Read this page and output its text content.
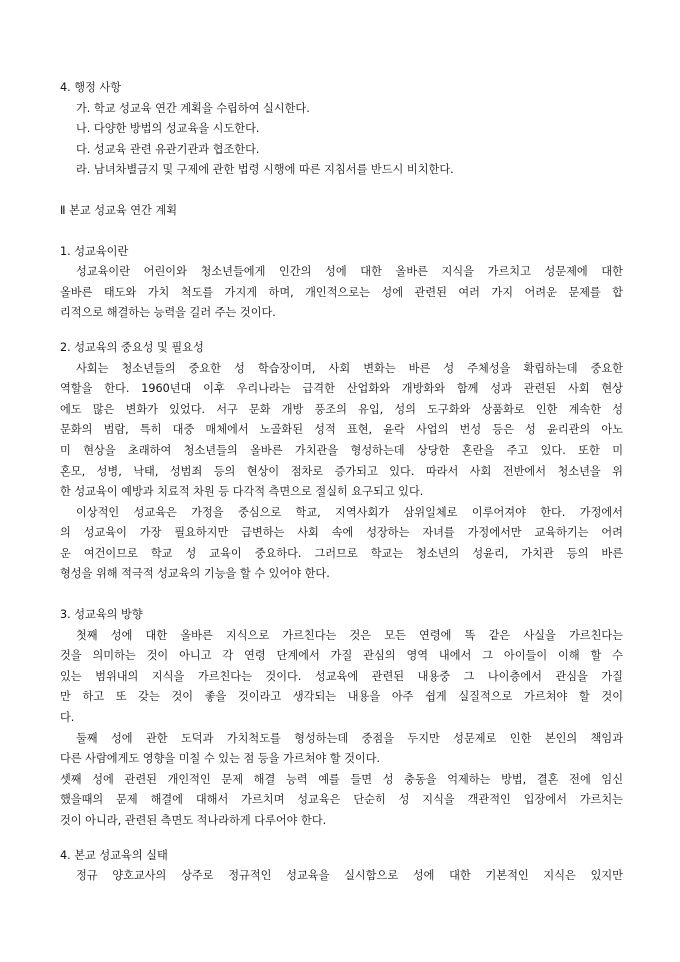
4. 행정 사항
가. 학교 성교육 연간 계획을 수립하여 실시한다.
나. 다양한 방법의 성교육을 시도한다.
다. 성교육 관련 유관기관과 협조한다.
라. 남녀차별금지 및 구제에 관한 법령 시행에 따른 지침서를 반드시 비치한다.
Ⅱ 본교 성교육 연간 계획
1. 성교육이란
성교육이란 어린이와 청소년들에게 인간의 성에 대한 올바른 지식을 가르치고 성문제에 대한
올바른 태도와 가치 척도를 가지게 하며, 개인적으로는 성에 관련된 여러 가지 어려운 문제를 합
리적으로 해결하는 능력을 길러 주는 것이다.
2. 성교육의 중요성 및 필요성
사회는 청소년들의 중요한 성 학습장이며, 사회 변화는 바른 성 주체성을 확립하는데 중요한
역할을 한다. 1960년대 이후 우리나라는 급격한 산업화와 개방화와 함께 성과 관련된 사회 현상
에도 많은 변화가 있었다. 서구 문화 개방 풍조의 유입, 성의 도구화와 상품화로 인한 계속한 성
문화의 범람, 특히 대중 매체에서 노골화된 성적 표현, 윤락 사업의 번성 등은 성 윤리관의 아노
미 현상을 초래하여 청소년들의 올바른 가치관을 형성하는데 상당한 혼란을 주고 있다. 또한 미
혼모, 성병, 낙태, 성범죄 등의 현상이 점차로 증가되고 있다. 따라서 사회 전반에서 청소년을 위
한 성교육이 예방과 치료적 차원 등 다각적 측면으로 절실히 요구되고 있다.
이상적인 성교육은 가정을 중심으로 학교, 지역사회가 삼위일체로 이루어져야 한다. 가정에서
의 성교육이 가장 필요하지만 급변하는 사회 속에 성장하는 자녀를 가정에서만 교육하기는 어려
운 여건이므로 학교 성 교육이 중요하다. 그러므로 학교는 청소년의 성윤리, 가치관 등의 바른
형성을 위해 적극적 성교육의 기능을 할 수 있어야 한다.
3. 성교육의 방향
첫째 성에 대한 올바른 지식으로 가르친다는 것은 모든 연령에 똑 같은 사실을 가르친다는
것을 의미하는 것이 아니고 각 연령 단계에서 가질 관심의 영역 내에서 그 아이들이 이해 할 수
있는 범위내의 지식을 가르친다는 것이다. 성교육에 관련된 내용중 그 나이층에서 관심을 가질
만 하고 또 갖는 것이 좋을 것이라고 생각되는 내용을 아주 쉽게 실질적으로 가르쳐야 할 것이
다.
둘째 성에 관한 도덕과 가치척도를 형성하는데 중점을 두지만 성문제로 인한 본인의 책임과
다른 사람에게도 영향을 미칠 수 있는 점 등을 가르쳐야 할 것이다.
셋째 성에 관련된 개인적인 문제 해결 능력 예를 들면 성 충동을 억제하는 방법, 결혼 전에 임신
했을때의 문제 해결에 대해서 가르치며 성교육은 단순히 성 지식을 객관적인 입장에서 가르치는
것이 아니라, 관련된 측면도 적나라하게 다루어야 한다.
4. 본교 성교육의 실태
정규 양호교사의 상주로 정규적인 성교육을 실시함으로 성에 대한 기본적인 지식은 있지만
